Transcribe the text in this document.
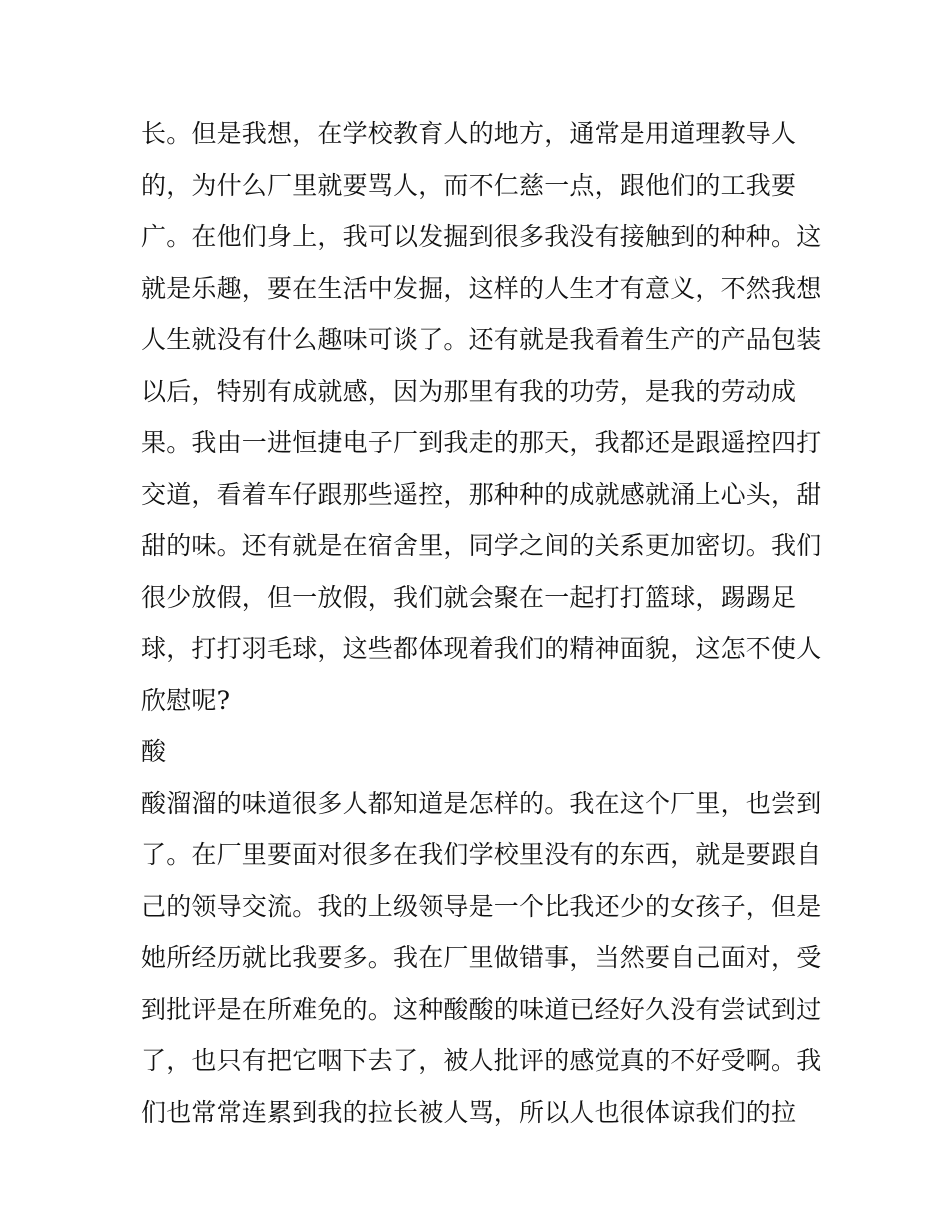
长。但是我想，在学校教育人的地方，通常是用道理教导人
的，为什么厂里就要骂人，而不仁慈一点，跟他们的工我要
广。在他们身上，我可以发掘到很多我没有接触到的种种。这
就是乐趣，要在生活中发掘，这样的人生才有意义，不然我想
人生就没有什么趣味可谈了。还有就是我看着生产的产品包装
以后，特别有成就感，因为那里有我的功劳，是我的劳动成
果。我由一进恒捷电子厂到我走的那天，我都还是跟遥控四打
交道，看着车仔跟那些遥控，那种种的成就感就涌上心头，甜
甜的味。还有就是在宿舍里，同学之间的关系更加密切。我们
很少放假，但一放假，我们就会聚在一起打打篮球，踢踢足
球，打打羽毛球，这些都体现着我们的精神面貌，这怎不使人
欣慰呢?
酸
酸溜溜的味道很多人都知道是怎样的。我在这个厂里，也尝到
了。在厂里要面对很多在我们学校里没有的东西，就是要跟自
己的领导交流。我的上级领导是一个比我还少的女孩子，但是
她所经历就比我要多。我在厂里做错事，当然要自己面对，受
到批评是在所难免的。这种酸酸的味道已经好久没有尝试到过
了，也只有把它咽下去了，被人批评的感觉真的不好受啊。我
们也常常连累到我的拉长被人骂，所以人也很体谅我们的拉
